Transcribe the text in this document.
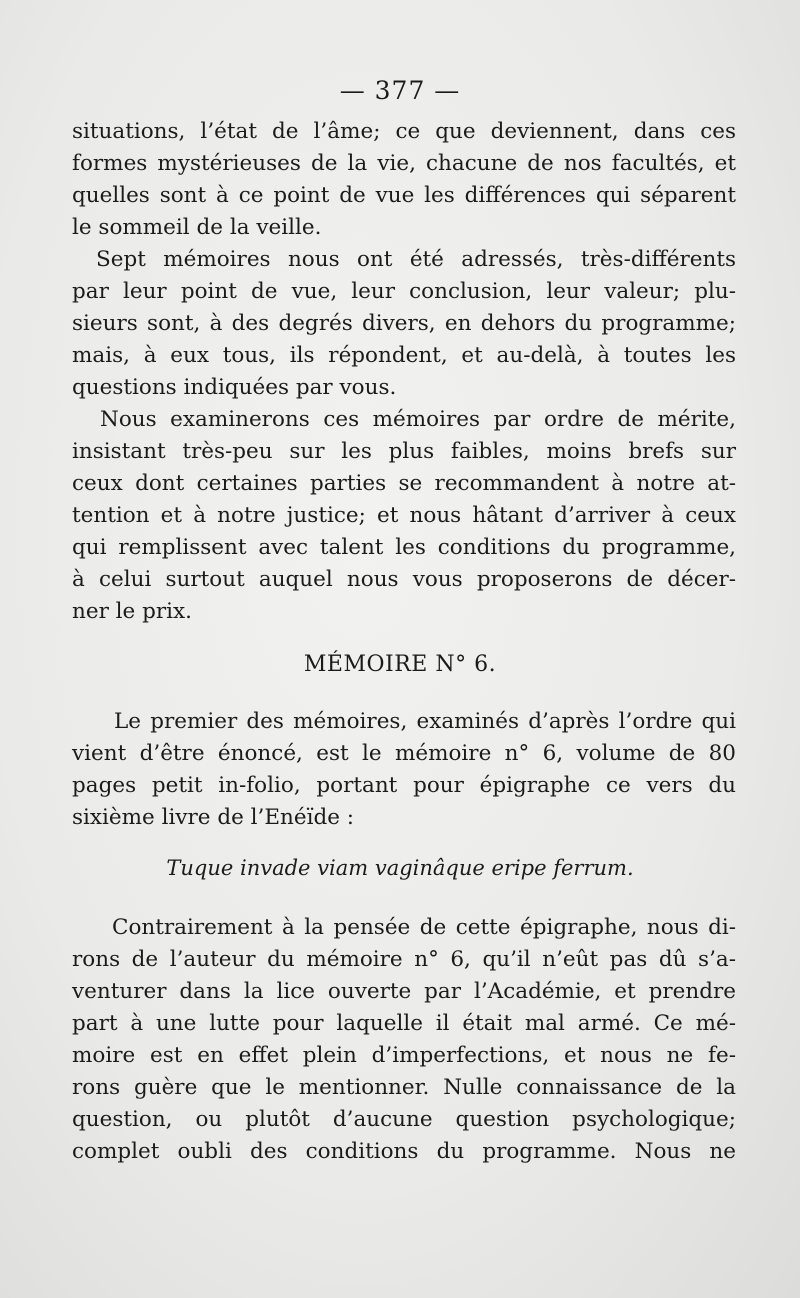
— 377 —
situations, l’état de l’âme; ce que deviennent, dans ces
formes mystérieuses de la vie, chacune de nos facultés, et
quelles sont à ce point de vue les différences qui séparent
le sommeil de la veille.
Sept mémoires nous ont été adressés, très-différents
par leur point de vue, leur conclusion, leur valeur; plu-
sieurs sont, à des degrés divers, en dehors du programme;
mais, à eux tous, ils répondent, et au-delà, à toutes les
questions indiquées par vous.
Nous examinerons ces mémoires par ordre de mérite,
insistant très-peu sur les plus faibles, moins brefs sur
ceux dont certaines parties se recommandent à notre at-
tention et à notre justice; et nous hâtant d’arriver à ceux
qui remplissent avec talent les conditions du programme,
à celui surtout auquel nous vous proposerons de décer-
ner le prix.
MÉMOIRE N° 6.
Le premier des mémoires, examinés d’après l’ordre qui
vient d’être énoncé, est le mémoire n° 6, volume de 80
pages petit in-folio, portant pour épigraphe ce vers du
sixième livre de l’Enéïde :
Tuque invade viam vaginâque eripe ferrum.
Contrairement à la pensée de cette épigraphe, nous di-
rons de l’auteur du mémoire n° 6, qu’il n’eût pas dû s’a-
venturer dans la lice ouverte par l’Académie, et prendre
part à une lutte pour laquelle il était mal armé. Ce mé-
moire est en effet plein d’imperfections, et nous ne fe-
rons guère que le mentionner. Nulle connaissance de la
question, ou plutôt d’aucune question psychologique;
complet oubli des conditions du programme. Nous ne
